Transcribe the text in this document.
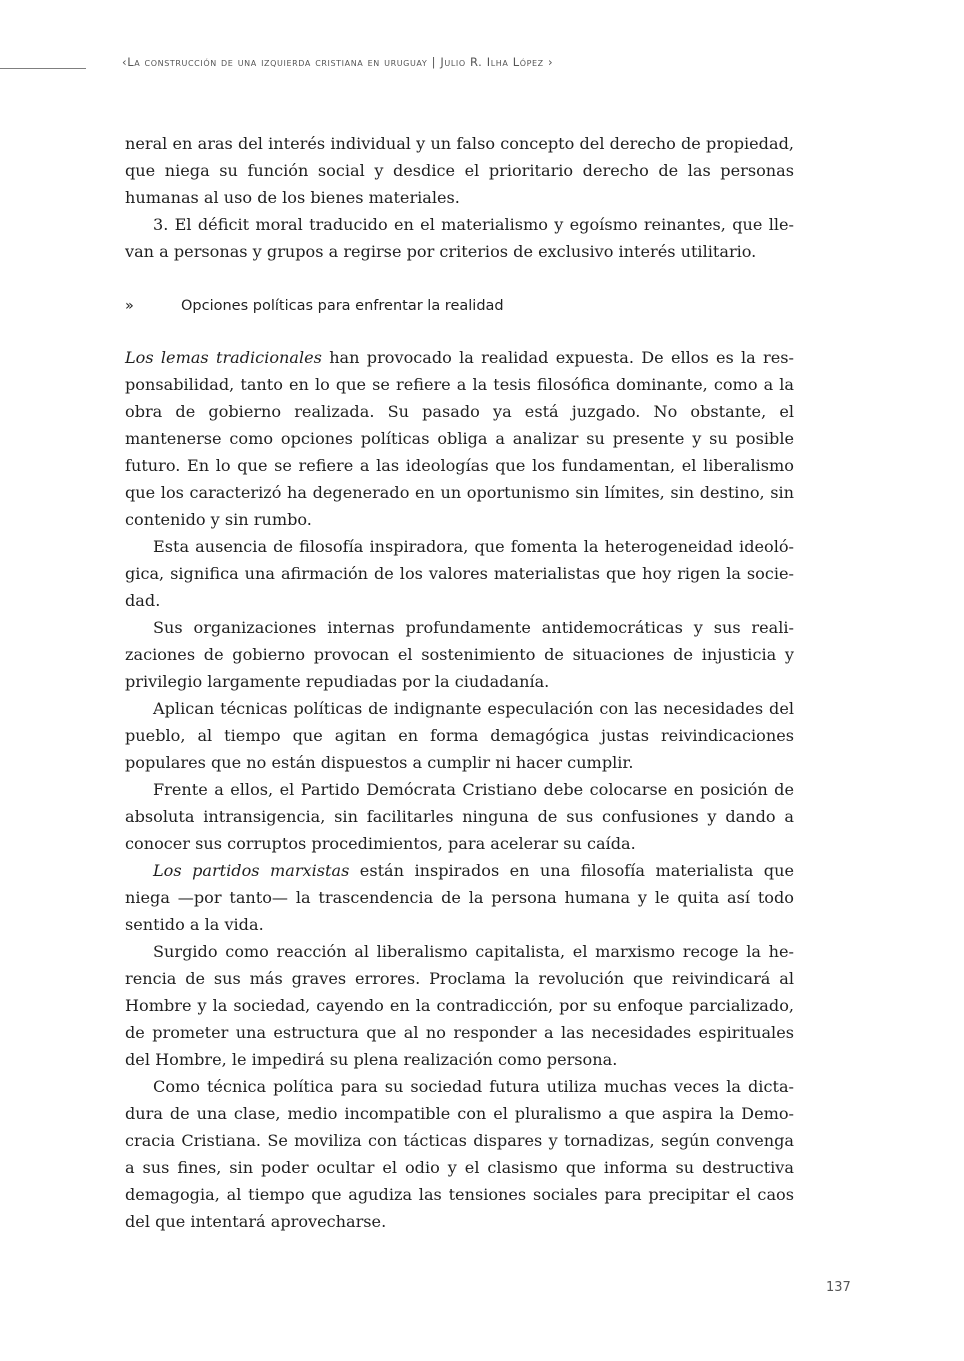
‹La construcción de una izquierda cristiana en uruguay | Julio R. Ilha López ›

neral en aras del interés individual y un falso concepto del derecho de propiedad, que niega su función social y desdice el prioritario derecho de las personas humanas al uso de los bienes materiales.

3. El déficit moral traducido en el materialismo y egoísmo reinantes, que llevan a personas y grupos a regirse por criterios de exclusivo interés utilitario.

»	Opciones políticas para enfrentar la realidad

Los lemas tradicionales han provocado la realidad expuesta. De ellos es la responsabilidad, tanto en lo que se refiere a la tesis filosófica dominante, como a la obra de gobierno realizada. Su pasado ya está juzgado. No obstante, el mantenerse como opciones políticas obliga a analizar su presente y su posible futuro. En lo que se refiere a las ideologías que los fundamentan, el liberalismo que los caracterizó ha degenerado en un oportunismo sin límites, sin destino, sin contenido y sin rumbo.

Esta ausencia de filosofía inspiradora, que fomenta la heterogeneidad ideológica, significa una afirmación de los valores materialistas que hoy rigen la sociedad.

Sus organizaciones internas profundamente antidemocráticas y sus realizaciones de gobierno provocan el sostenimiento de situaciones de injusticia y privilegio largamente repudiadas por la ciudadanía.

Aplican técnicas políticas de indignante especulación con las necesidades del pueblo, al tiempo que agitan en forma demagógica justas reivindicaciones populares que no están dispuestos a cumplir ni hacer cumplir.

Frente a ellos, el Partido Demócrata Cristiano debe colocarse en posición de absoluta intransigencia, sin facilitarles ninguna de sus confusiones y dando a conocer sus corruptos procedimientos, para acelerar su caída.

Los partidos marxistas están inspirados en una filosofía materialista que niega —por tanto— la trascendencia de la persona humana y le quita así todo sentido a la vida.

Surgido como reacción al liberalismo capitalista, el marxismo recoge la herencia de sus más graves errores. Proclama la revolución que reivindicará al Hombre y la sociedad, cayendo en la contradicción, por su enfoque parcializado, de prometer una estructura que al no responder a las necesidades espirituales del Hombre, le impedirá su plena realización como persona.

Como técnica política para su sociedad futura utiliza muchas veces la dictadura de una clase, medio incompatible con el pluralismo a que aspira la Democracia Cristiana. Se moviliza con tácticas dispares y tornadizas, según convenga a sus fines, sin poder ocultar el odio y el clasismo que informa su destructiva demagogia, al tiempo que agudiza las tensiones sociales para precipitar el caos del que intentará aprovecharse.

137
